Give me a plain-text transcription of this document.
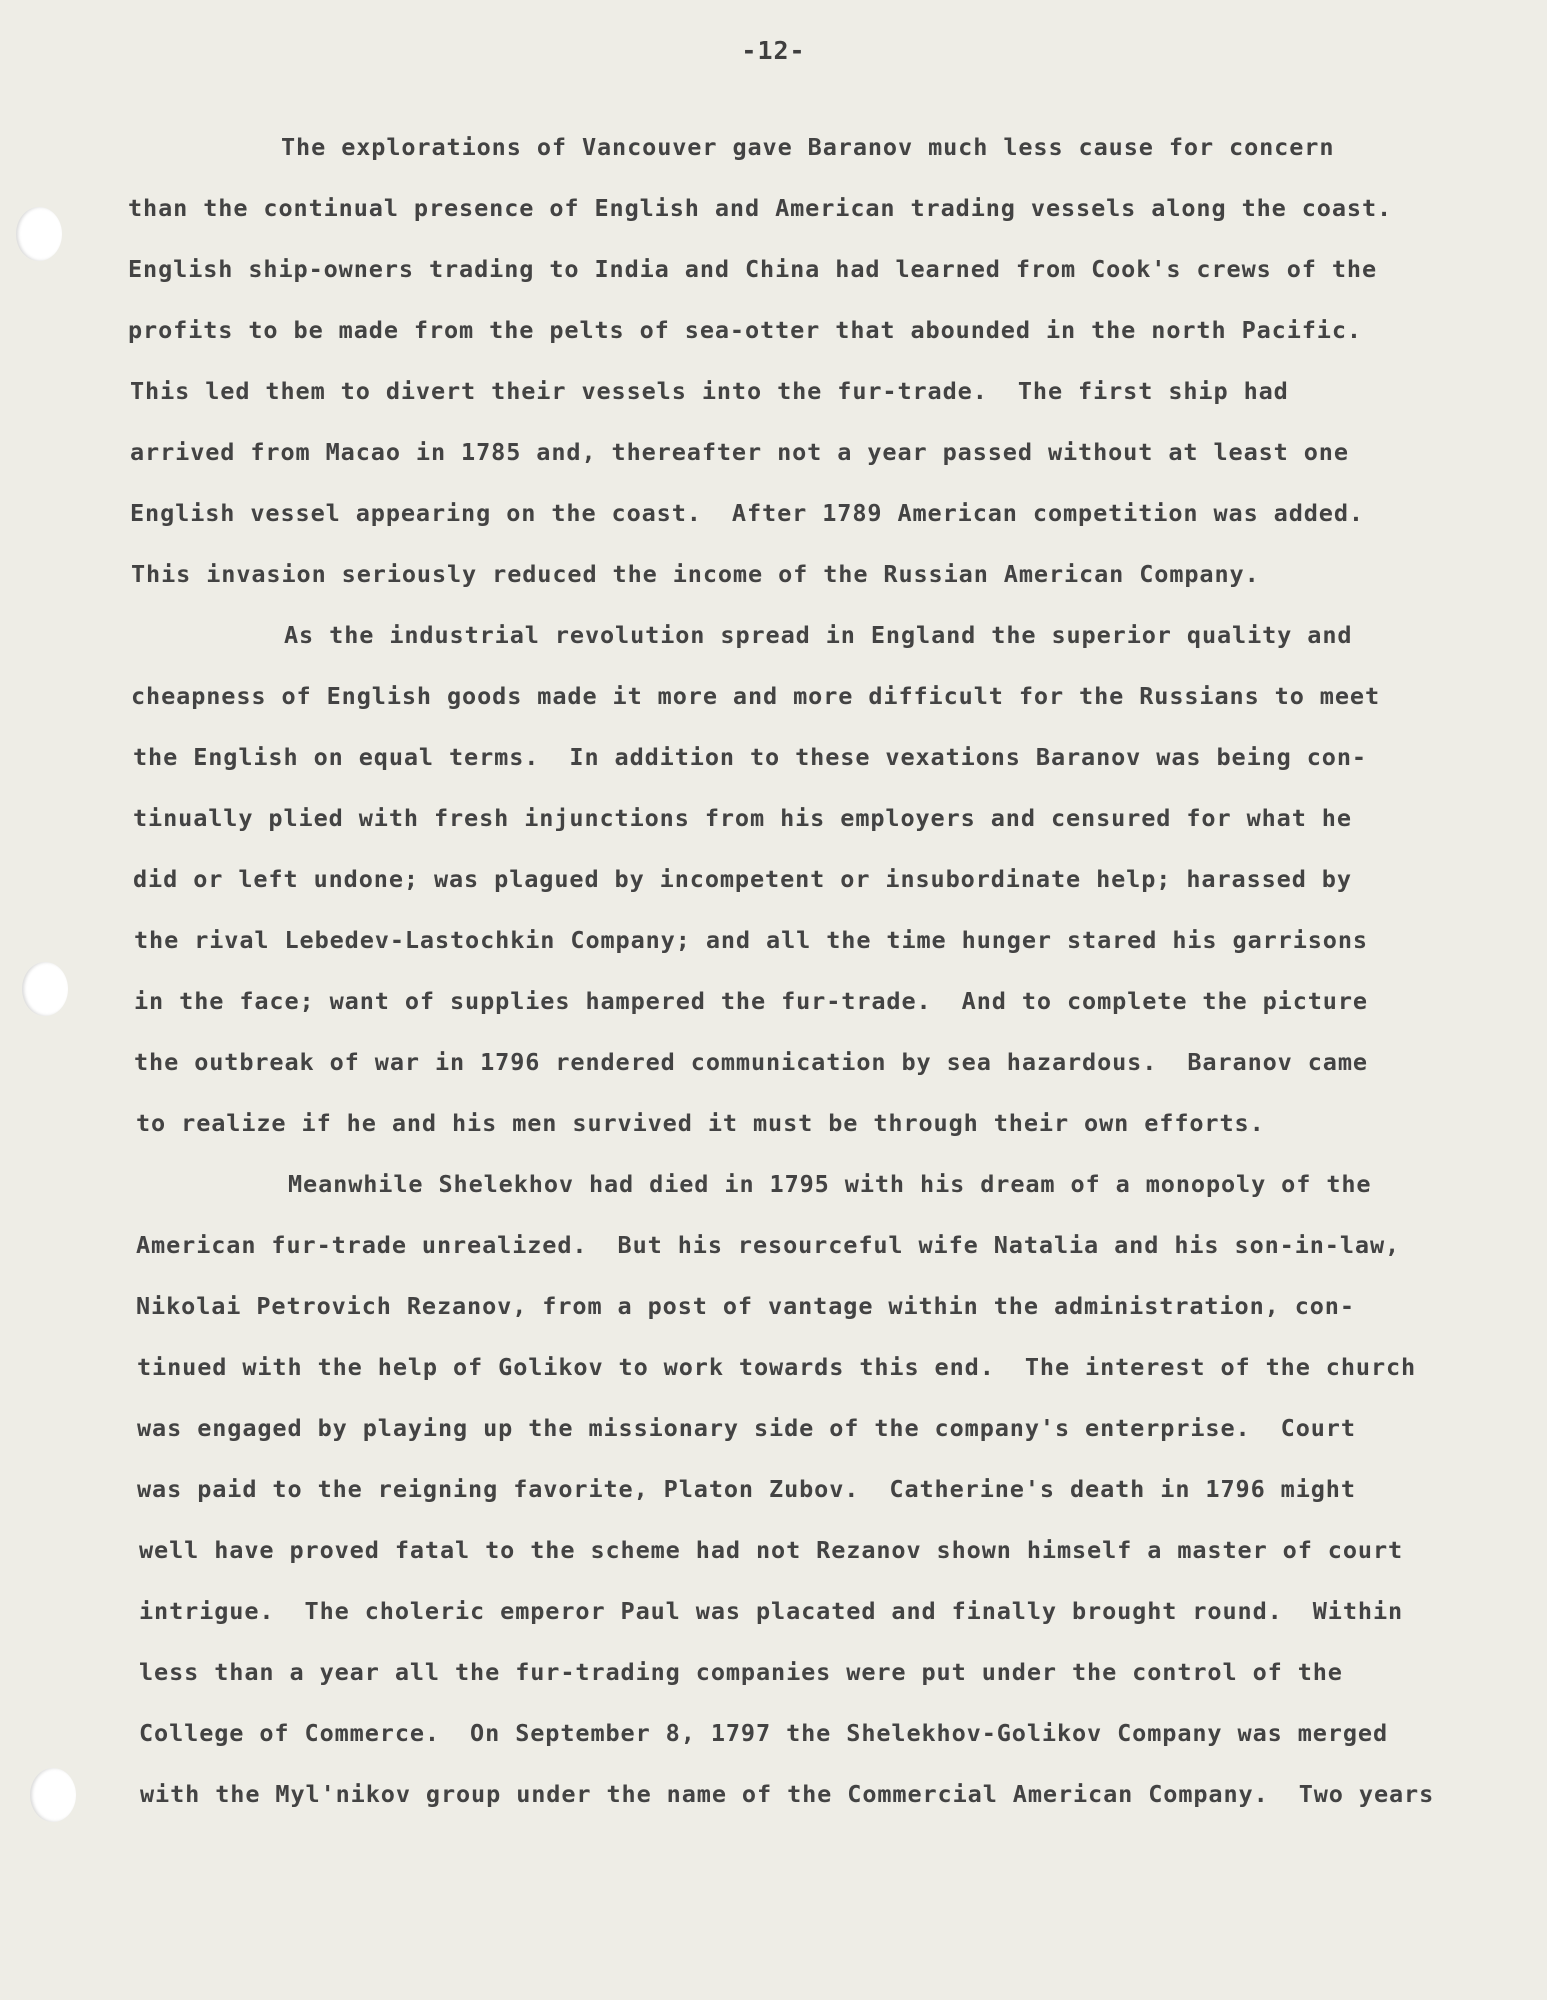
-12-
The explorations of Vancouver gave Baranov much less cause for concern
than the continual presence of English and American trading vessels along the coast.
English ship-owners trading to India and China had learned from Cook's crews of the
profits to be made from the pelts of sea-otter that abounded in the north Pacific.
This led them to divert their vessels into the fur-trade.  The first ship had
arrived from Macao in 1785 and, thereafter not a year passed without at least one
English vessel appearing on the coast.  After 1789 American competition was added.
This invasion seriously reduced the income of the Russian American Company.
As the industrial revolution spread in England the superior quality and
cheapness of English goods made it more and more difficult for the Russians to meet
the English on equal terms.  In addition to these vexations Baranov was being con-
tinually plied with fresh injunctions from his employers and censured for what he
did or left undone; was plagued by incompetent or insubordinate help; harassed by
the rival Lebedev-Lastochkin Company; and all the time hunger stared his garrisons
in the face; want of supplies hampered the fur-trade.  And to complete the picture
the outbreak of war in 1796 rendered communication by sea hazardous.  Baranov came
to realize if he and his men survived it must be through their own efforts.
Meanwhile Shelekhov had died in 1795 with his dream of a monopoly of the
American fur-trade unrealized.  But his resourceful wife Natalia and his son-in-law,
Nikolai Petrovich Rezanov, from a post of vantage within the administration, con-
tinued with the help of Golikov to work towards this end.  The interest of the church
was engaged by playing up the missionary side of the company's enterprise.  Court
was paid to the reigning favorite, Platon Zubov.  Catherine's death in 1796 might
well have proved fatal to the scheme had not Rezanov shown himself a master of court
intrigue.  The choleric emperor Paul was placated and finally brought round.  Within
less than a year all the fur-trading companies were put under the control of the
College of Commerce.  On September 8, 1797 the Shelekhov-Golikov Company was merged
with the Myl'nikov group under the name of the Commercial American Company.  Two years
